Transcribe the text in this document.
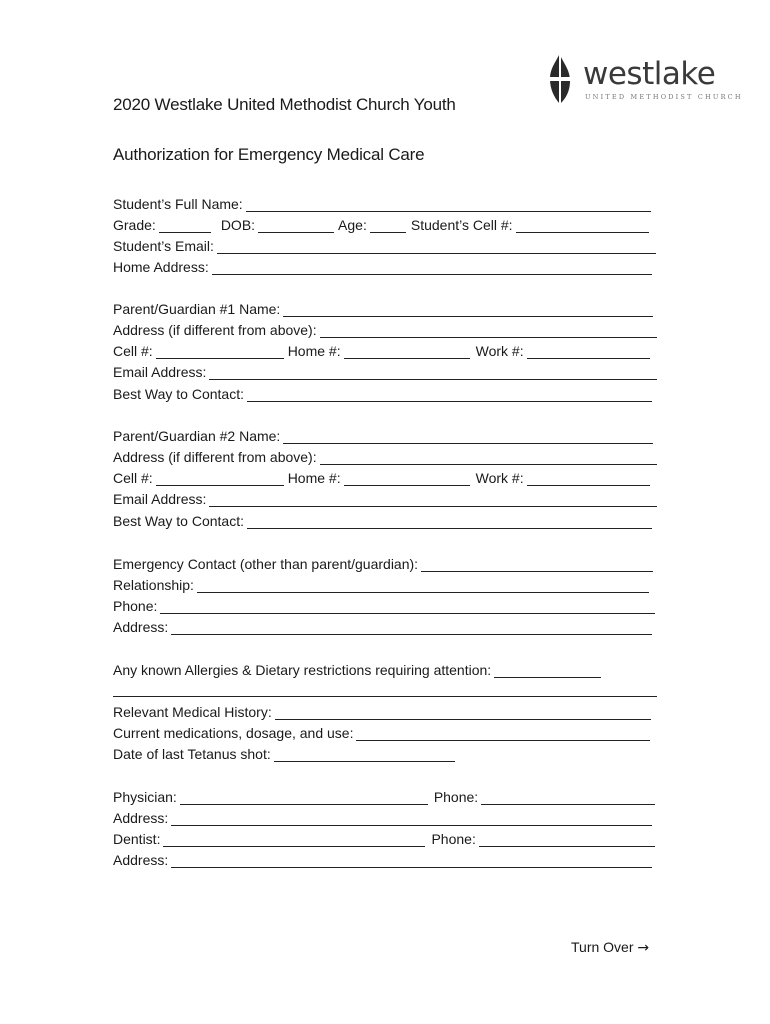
westlake
UNITED METHODIST CHURCH
2020 Westlake United Methodist Church Youth
Authorization for Emergency Medical Care
Student’s Full Name:
Grade:	DOB:	Age:	Student’s Cell #:
Student’s Email:
Home Address:
Parent/Guardian #1 Name:
Address (if different from above):
Cell #:	Home #:	Work #:
Email Address:
Best Way to Contact:
Parent/Guardian #2 Name:
Address (if different from above):
Cell #:	Home #:	Work #:
Email Address:
Best Way to Contact:
Emergency Contact (other than parent/guardian):
Relationship:
Phone:
Address:
Any known Allergies & Dietary restrictions requiring attention:
Relevant Medical History:
Current medications, dosage, and use:
Date of last Tetanus shot:
Physician:	Phone:
Address:
Dentist:	Phone:
Address:
Turn Over →
